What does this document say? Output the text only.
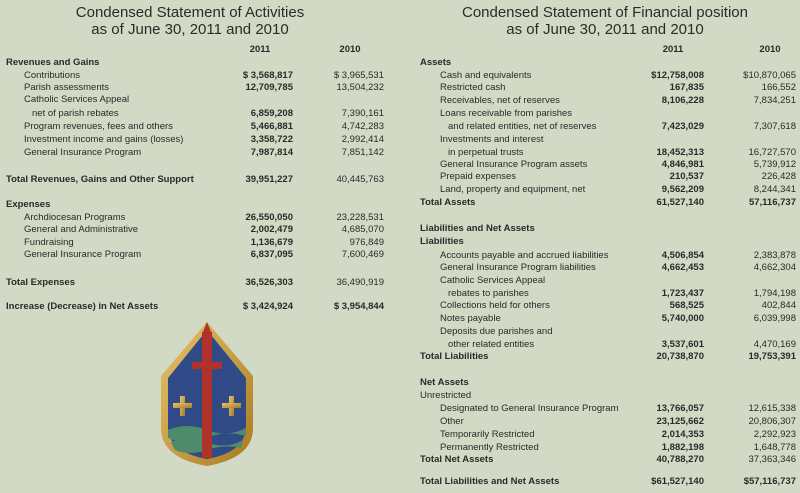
Condensed Statement of Activities
as of June 30, 2011 and 2010
2011	2010
Revenues and Gains
Contributions	$ 3,568,817	$ 3,965,531
Parish assessments	12,709,785	13,504,232
Catholic Services Appeal
net of parish rebates	6,859,208	7,390,161
Program revenues, fees and others	5,466,881	4,742,283
Investment income and gains (losses)	3,358,722	2,992,414
General Insurance Program	7,987,814	7,851,142
Total Revenues, Gains and Other Support	39,951,227	40,445,763
Expenses
Archdiocesan Programs	26,550,050	23,228,531
General and Administrative	2,002,479	4,685,070
Fundraising	1,136,679	976,849
General Insurance Program	6,837,095	7,600,469
Total Expenses	36,526,303	36,490,919
Increase (Decrease) in Net Assets	$ 3,424,924	$ 3,954,844
Condensed Statement of Financial position
as of June 30, 2011 and 2010
2011	2010
Assets
Cash and equivalents	$12,758,008	$10,870,065
Restricted cash	167,835	166,552
Receivables, net of reserves	8,106,228	7,834,251
Loans receivable from parishes
and related entities, net of reserves	7,423,029	7,307,618
Investments and interest
in perpetual trusts	18,452,313	16,727,570
General Insurance Program assets	4,846,981	5,739,912
Prepaid expenses	210,537	226,428
Land, property and equipment, net	9,562,209	8,244,341
Total Assets	61,527,140	57,116,737
Liabilities and Net Assets
Liabilities
Accounts payable and accrued liabilities	4,506,854	2,383,878
General Insurance Program liabilities	4,662,453	4,662,304
Catholic Services Appeal
rebates to parishes	1,723,437	1,794,198
Collections held for others	568,525	402,844
Notes payable	5,740,000	6,039,998
Deposits due parishes and
other related entities	3,537,601	4,470,169
Total Liabilities	20,738,870	19,753,391
Net Assets
Unrestricted
Designated to General Insurance Program	13,766,057	12,615,338
Other	23,125,662	20,806,307
Temporarily Restricted	2,014,353	2,292,923
Permanently Restricted	1,882,198	1,648,778
Total Net Assets	40,788,270	37,363,346
Total Liabilities and Net Assets	$61,527,140	$57,116,737
